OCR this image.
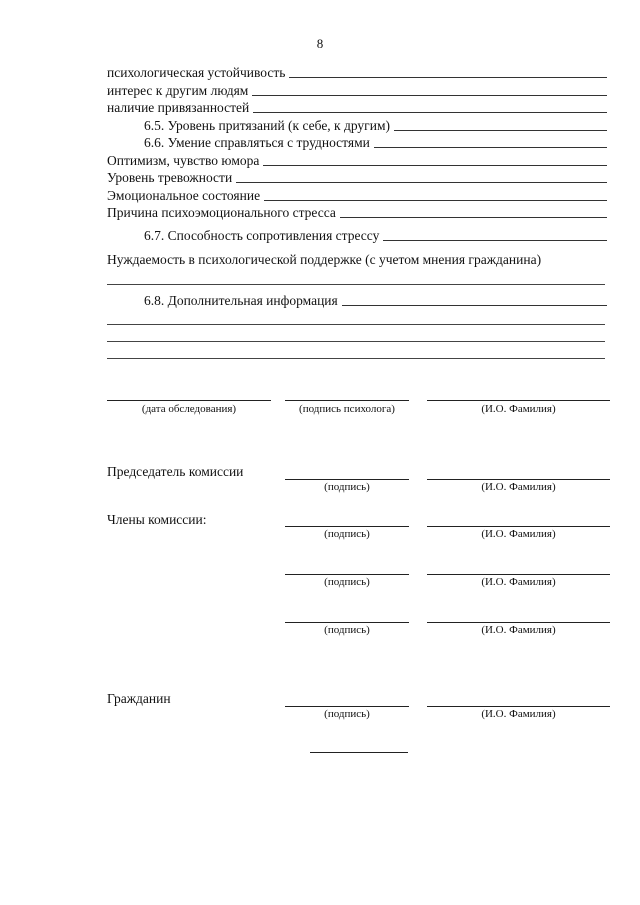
8
психологическая устойчивость
интерес к другим людям
наличие привязанностей
6.5. Уровень притязаний (к себе, к другим)
6.6. Умение справляться с трудностями
Оптимизм, чувство юмора
Уровень тревожности
Эмоциональное состояние
Причина психоэмоционального стресса
6.7. Способность сопротивления стрессу
Нуждаемость в психологической поддержке (с учетом мнения гражданина)
6.8. Дополнительная информация
(дата обследования)	(подпись психолога)	(И.О. Фамилия)
Председатель комиссии
(подпись)	(И.О. Фамилия)
Члены комиссии:
(подпись)	(И.О. Фамилия)
(подпись)	(И.О. Фамилия)
(подпись)	(И.О. Фамилия)
Гражданин
(подпись)	(И.О. Фамилия)
